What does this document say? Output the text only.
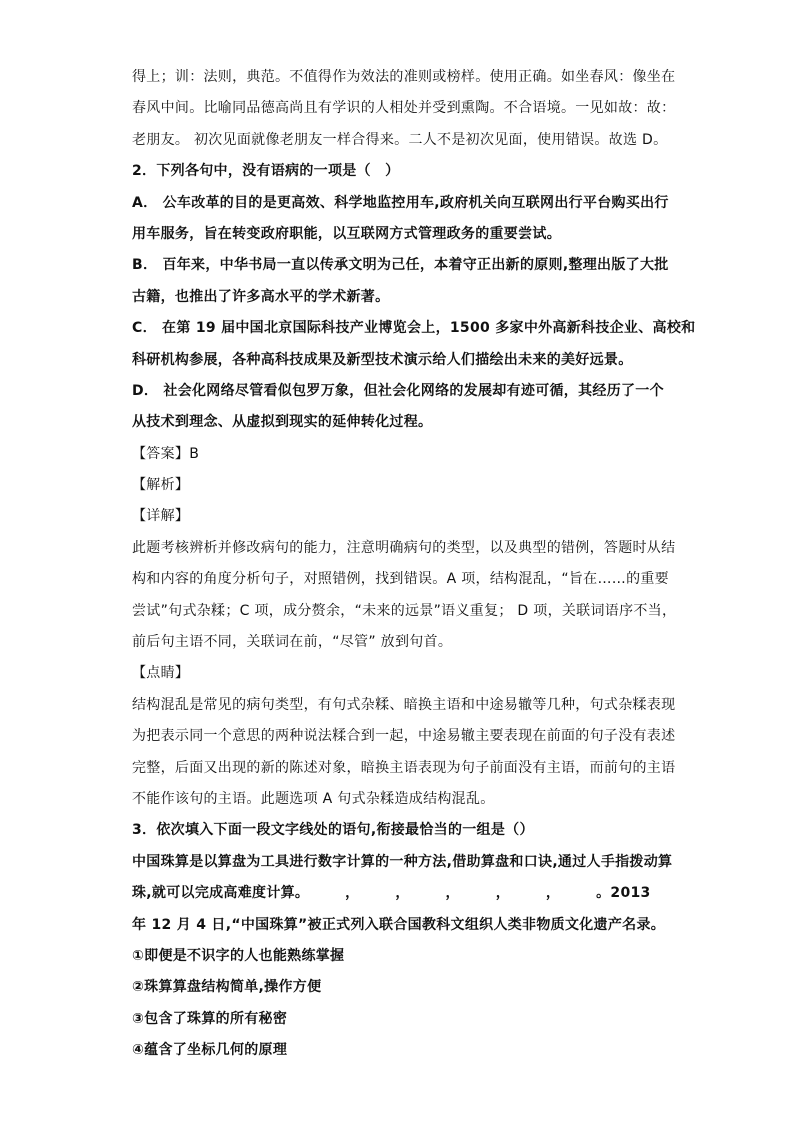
得上；训：法则，典范。不值得作为效法的准则或榜样。使用正确。如坐春风：像坐在
春风中间。比喻同品德高尚且有学识的人相处并受到熏陶。不合语境。一见如故：故：
老朋友。 初次见面就像老朋友一样合得来。二人不是初次见面，使用错误。故选 D。
2．下列各句中，没有语病的一项是（　）
A． 公车改革的目的是更高效、科学地监控用车,政府机关向互联网出行平台购买出行
用车服务，旨在转变政府职能，以互联网方式管理政务的重要尝试。
B． 百年来，中华书局一直以传承文明为己任，本着守正出新的原则,整理出版了大批
古籍，也推出了许多高水平的学术新著。
C． 在第 19 届中国北京国际科技产业博览会上，1500 多家中外高新科技企业、高校和
科研机构参展，各种高科技成果及新型技术演示给人们描绘出未来的美好远景。
D． 社会化网络尽管看似包罗万象，但社会化网络的发展却有迹可循，其经历了一个
从技术到理念、从虚拟到现实的延伸转化过程。
【答案】B
【解析】
【详解】
此题考核辨析并修改病句的能力，注意明确病句的类型，以及典型的错例，答题时从结
构和内容的角度分析句子，对照错例，找到错误。A 项，结构混乱，“旨在……的重要
尝试”句式杂糅；C 项，成分赘余，“未来的远景”语义重复； D 项，关联词语序不当，
前后句主语不同，关联词在前，“尽管” 放到句首。
【点睛】
结构混乱是常见的病句类型，有句式杂糅、暗换主语和中途易辙等几种，句式杂糅表现
为把表示同一个意思的两种说法糅合到一起，中途易辙主要表现在前面的句子没有表述
完整，后面又出现的新的陈述对象，暗换主语表现为句子前面没有主语，而前句的主语
不能作该句的主语。此题选项 A 句式杂糅造成结构混乱。
3．依次填入下面一段文字线处的语句,衔接最恰当的一组是（）
中国珠算是以算盘为工具进行数字计算的一种方法,借助算盘和口诀,通过人手指拨动算
珠,就可以完成高难度计算。　　　，　　　，　　　，　　　，　　　，　　　。2013
年 12 月 4 日,“中国珠算”被正式列入联合国教科文组织人类非物质文化遗产名录。
①即便是不识字的人也能熟练掌握
②珠算算盘结构简单,操作方便
③包含了珠算的所有秘密
④蕴含了坐标几何的原理
